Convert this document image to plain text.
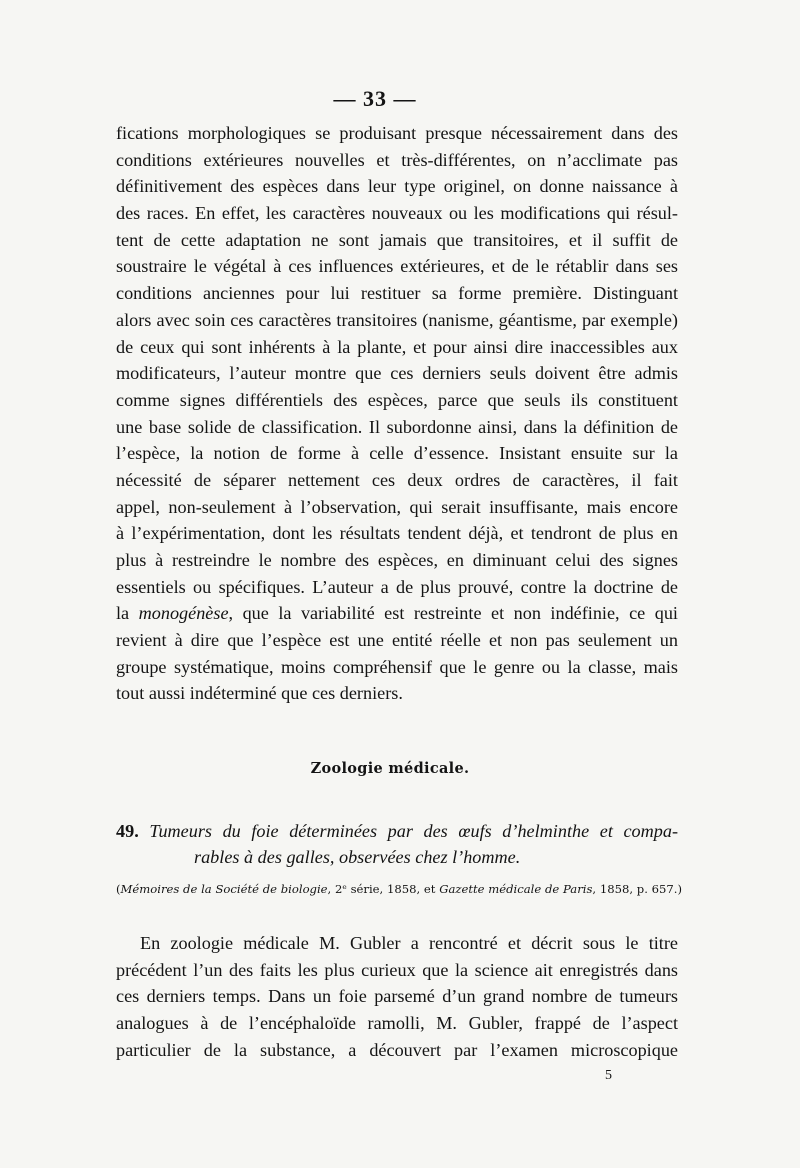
— 33 —
fications morphologiques se produisant presque nécessairement dans des
conditions extérieures nouvelles et très-différentes, on n’acclimate pas
définitivement des espèces dans leur type originel, on donne naissance à
des races. En effet, les caractères nouveaux ou les modifications qui résul-
tent de cette adaptation ne sont jamais que transitoires, et il suffit de
soustraire le végétal à ces influences extérieures, et de le rétablir dans ses
conditions anciennes pour lui restituer sa forme première. Distinguant
alors avec soin ces caractères transitoires (nanisme, géantisme, par exemple)
de ceux qui sont inhérents à la plante, et pour ainsi dire inaccessibles aux
modificateurs, l’auteur montre que ces derniers seuls doivent être admis
comme signes différentiels des espèces, parce que seuls ils constituent
une base solide de classification. Il subordonne ainsi, dans la définition de
l’espèce, la notion de forme à celle d’essence. Insistant ensuite sur la
nécessité de séparer nettement ces deux ordres de caractères, il fait
appel, non-seulement à l’observation, qui serait insuffisante, mais encore
à l’expérimentation, dont les résultats tendent déjà, et tendront de plus en
plus à restreindre le nombre des espèces, en diminuant celui des signes
essentiels ou spécifiques. L’auteur a de plus prouvé, contre la doctrine de
la monogénèse, que la variabilité est restreinte et non indéfinie, ce qui
revient à dire que l’espèce est une entité réelle et non pas seulement un
groupe systématique, moins compréhensif que le genre ou la classe, mais
tout aussi indéterminé que ces derniers.
Zoologie médicale.
49. Tumeurs du foie déterminées par des œufs d’helminthe et compa-
rables à des galles, observées chez l’homme.
(Mémoires de la Société de biologie, 2ᵉ série, 1858, et Gazette médicale de Paris, 1858, p. 657.)
En zoologie médicale M. Gubler a rencontré et décrit sous le titre
précédent l’un des faits les plus curieux que la science ait enregistrés dans
ces derniers temps. Dans un foie parsemé d’un grand nombre de tumeurs
analogues à de l’encéphaloïde ramolli, M. Gubler, frappé de l’aspect
particulier de la substance, a découvert par l’examen microscopique
5
